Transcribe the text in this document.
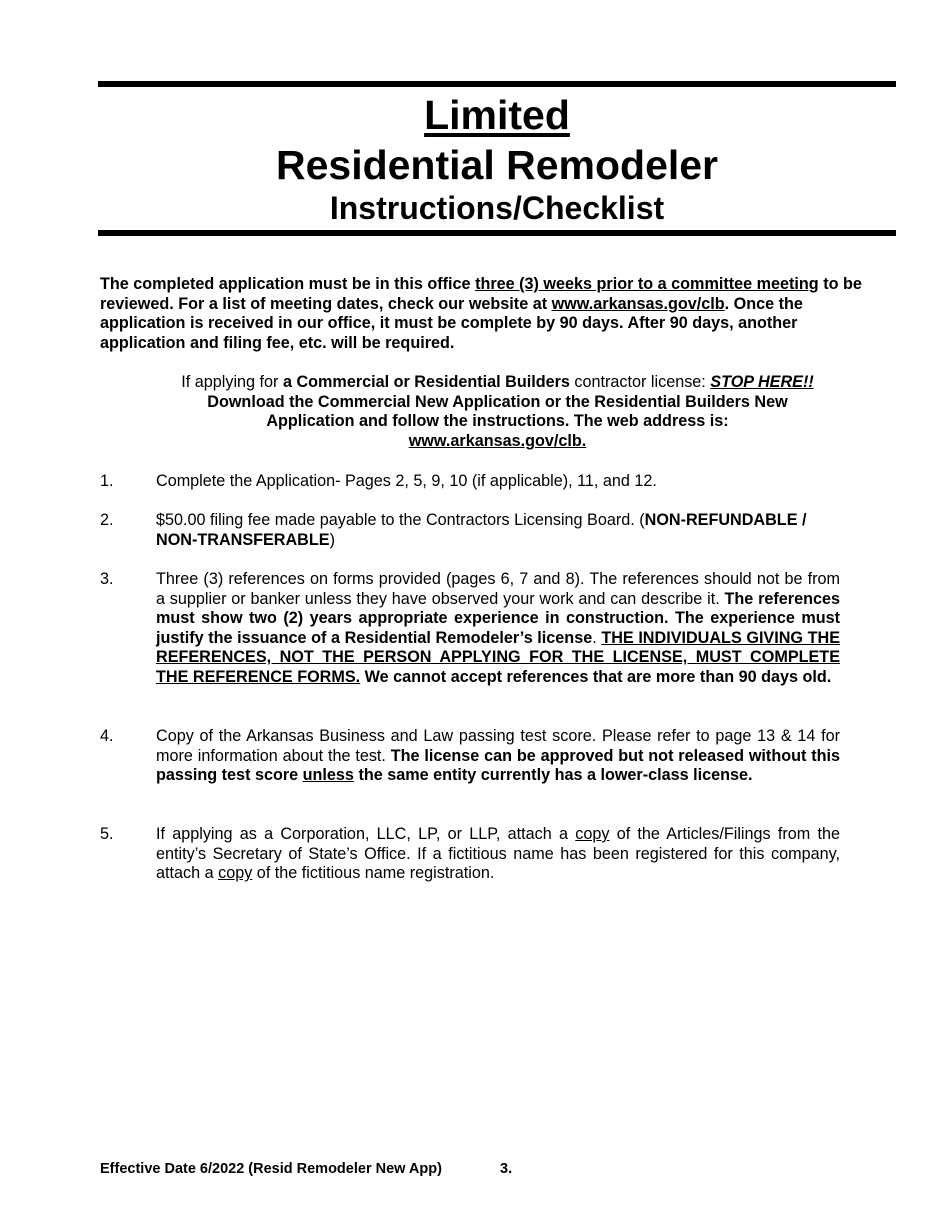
Limited
Residential Remodeler
Instructions/Checklist
The completed application must be in this office three (3) weeks prior to a committee meeting to be reviewed. For a list of meeting dates, check our website at www.arkansas.gov/clb. Once the application is received in our office, it must be complete by 90 days. After 90 days, another application and filing fee, etc. will be required.
If applying for a Commercial or Residential Builders contractor license: STOP HERE!!
Download the Commercial New Application or the Residential Builders New Application and follow the instructions. The web address is:
www.arkansas.gov/clb.
1.	Complete the Application- Pages 2, 5, 9, 10 (if applicable), 11, and 12.
2.	$50.00 filing fee made payable to the Contractors Licensing Board. (NON-REFUNDABLE / NON-TRANSFERABLE)
3.	Three (3) references on forms provided (pages 6, 7 and 8). The references should not be from a supplier or banker unless they have observed your work and can describe it. The references must show two (2) years appropriate experience in construction. The experience must justify the issuance of a Residential Remodeler’s license. THE INDIVIDUALS GIVING THE REFERENCES, NOT THE PERSON APPLYING FOR THE LICENSE, MUST COMPLETE THE REFERENCE FORMS. We cannot accept references that are more than 90 days old.
4.	Copy of the Arkansas Business and Law passing test score. Please refer to page 13 & 14 for more information about the test. The license can be approved but not released without this passing test score unless the same entity currently has a lower-class license.
5.	If applying as a Corporation, LLC, LP, or LLP, attach a copy of the Articles/Filings from the entity’s Secretary of State’s Office. If a fictitious name has been registered for this company, attach a copy of the fictitious name registration.
Effective Date 6/2022 (Resid Remodeler New App)	3.
